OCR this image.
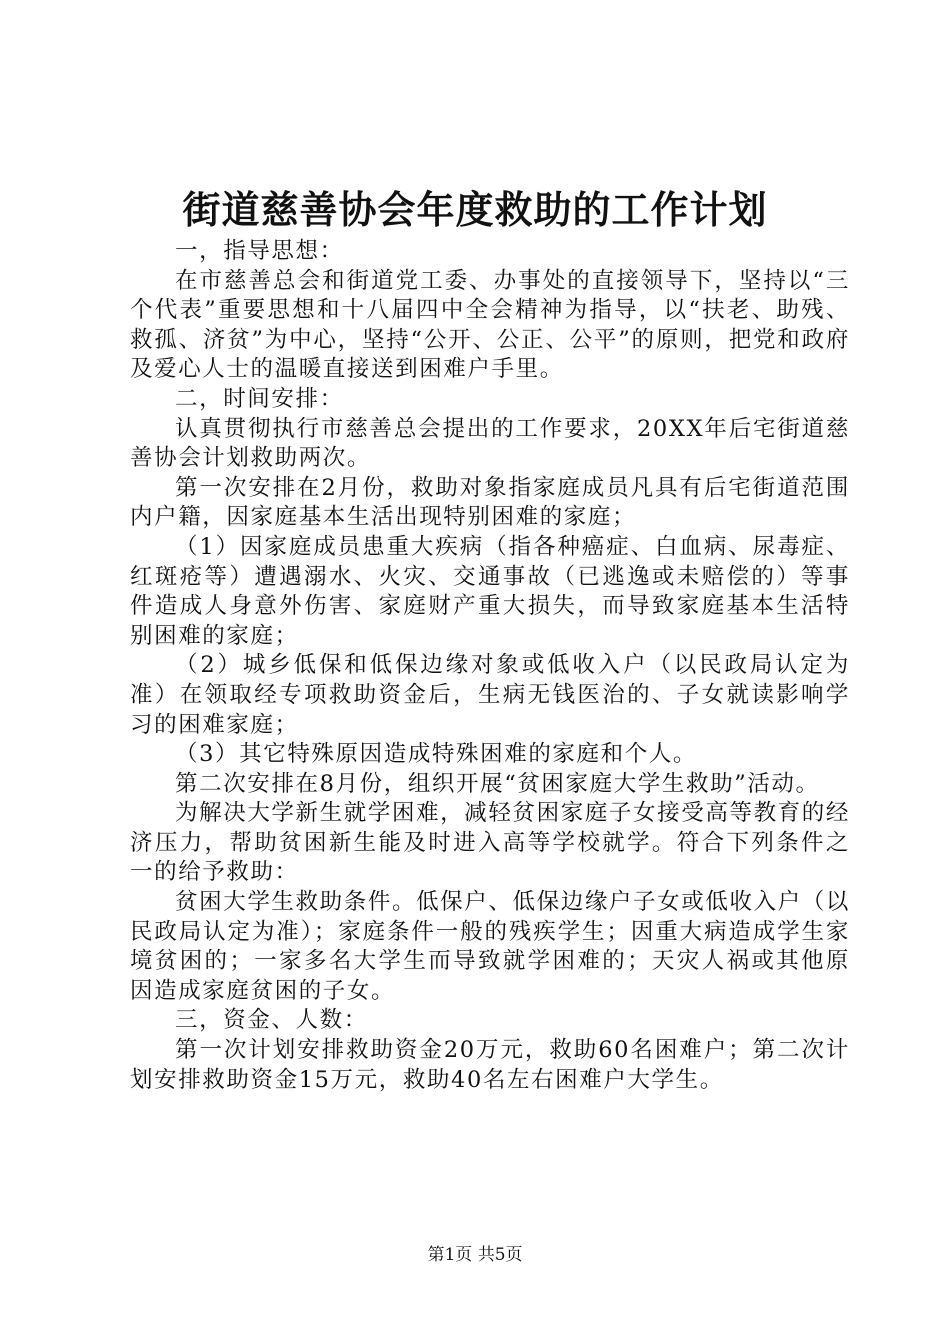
街道慈善协会年度救助的工作计划

一，指导思想：

在市慈善总会和街道党工委、办事处的直接领导下，坚持以“三个代表”重要思想和十八届四中全会精神为指导，以“扶老、助残、救孤、济贫”为中心，坚持“公开、公正、公平”的原则，把党和政府及爱心人士的温暖直接送到困难户手里。

二，时间安排：

认真贯彻执行市慈善总会提出的工作要求，20XX年后宅街道慈善协会计划救助两次。

第一次安排在2月份，救助对象指家庭成员凡具有后宅街道范围内户籍，因家庭基本生活出现特别困难的家庭；

（1）因家庭成员患重大疾病（指各种癌症、白血病、尿毒症、红斑疮等）遭遇溺水、火灾、交通事故（已逃逸或未赔偿的）等事件造成人身意外伤害、家庭财产重大损失，而导致家庭基本生活特别困难的家庭；

（2）城乡低保和低保边缘对象或低收入户（以民政局认定为准）在领取经专项救助资金后，生病无钱医治的、子女就读影响学习的困难家庭；

（3）其它特殊原因造成特殊困难的家庭和个人。

第二次安排在8月份，组织开展“贫困家庭大学生救助”活动。

为解决大学新生就学困难，减轻贫困家庭子女接受高等教育的经济压力，帮助贫困新生能及时进入高等学校就学。符合下列条件之一的给予救助：

贫困大学生救助条件。低保户、低保边缘户子女或低收入户（以民政局认定为准）；家庭条件一般的残疾学生；因重大病造成学生家境贫困的；一家多名大学生而导致就学困难的；天灾人祸或其他原因造成家庭贫困的子女。

三，资金、人数：

第一次计划安排救助资金20万元，救助60名困难户；第二次计划安排救助资金15万元，救助40名左右困难户大学生。

第1页 共5页
